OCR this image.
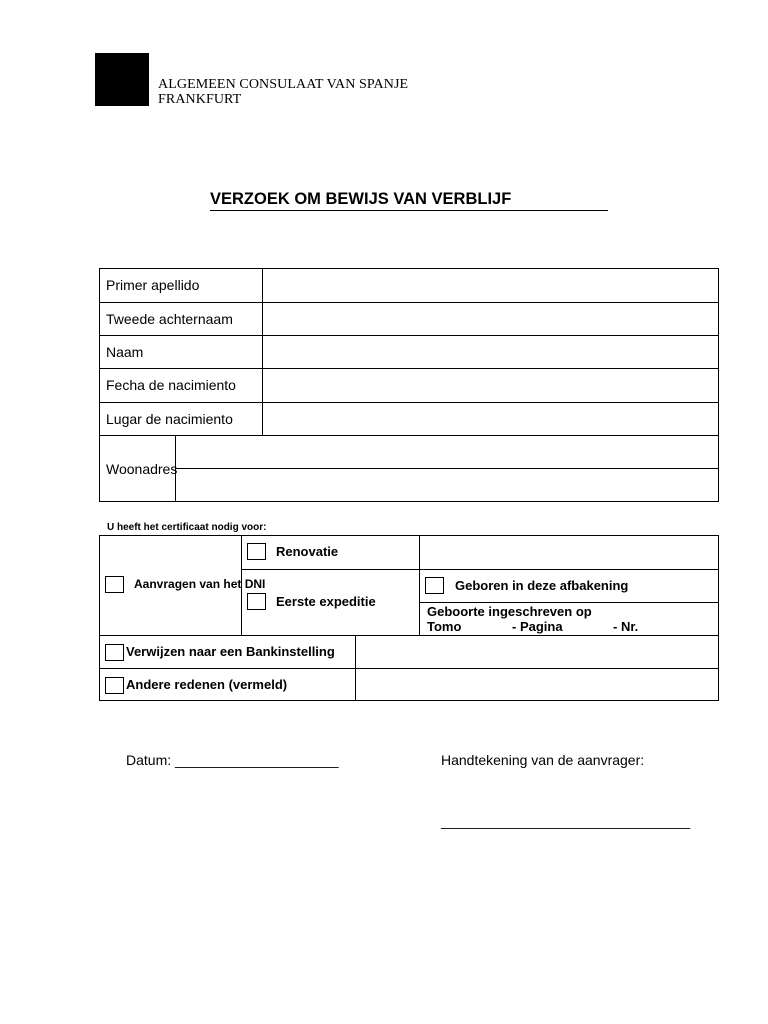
ALGEMEEN CONSULAAT VAN SPANJE
FRANKFURT
VERZOEK OM BEWIJS VAN VERBLIJF
Primer apellido
Tweede achternaam
Naam
Fecha de nacimiento
Lugar de nacimiento
Woonadres
U heeft het certificaat nodig voor:
Aanvragen van het DNI
Renovatie
Eerste expeditie
Geboren in deze afbakening
Geboorte ingeschreven op
Tomo	- Pagina	- Nr.
Verwijzen naar een Bankinstelling
Andere redenen (vermeld)
Datum: _____________________	Handtekening van de aanvrager:
________________________________
